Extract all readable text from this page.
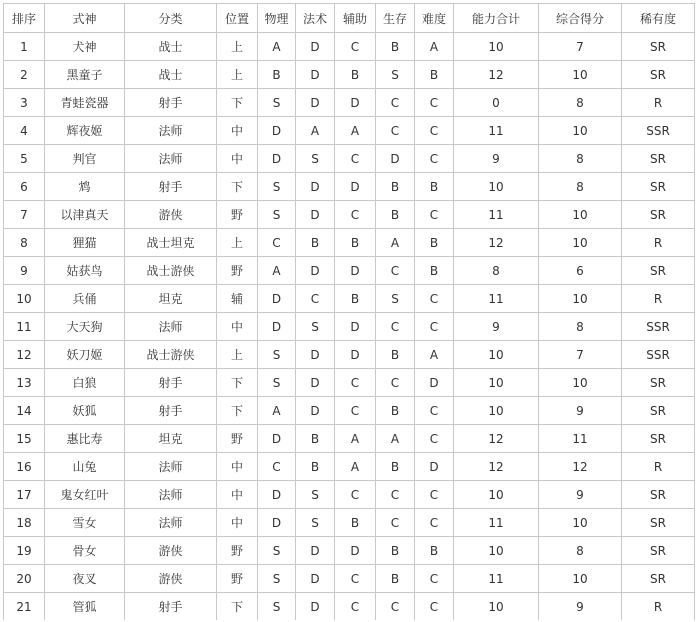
排序	式神	分类	位置	物理	法术	辅助	生存	难度	能力合计	综合得分	稀有度
1	犬神	战士	上	A	D	C	B	A	10	7	SR
2	黑童子	战士	上	B	D	B	S	B	12	10	SR
3	青蛙瓷器	射手	下	S	D	D	C	C	0	8	R
4	辉夜姬	法师	中	D	A	A	C	C	11	10	SSR
5	判官	法师	中	D	S	C	D	C	9	8	SR
6	鸩	射手	下	S	D	D	B	B	10	8	SR
7	以津真天	游侠	野	S	D	C	B	C	11	10	SR
8	狸猫	战士坦克	上	C	B	B	A	B	12	10	R
9	姑获鸟	战士游侠	野	A	D	D	C	B	8	6	SR
10	兵俑	坦克	辅	D	C	B	S	C	11	10	R
11	大天狗	法师	中	D	S	D	C	C	9	8	SSR
12	妖刀姬	战士游侠	上	S	D	D	B	A	10	7	SSR
13	白狼	射手	下	S	D	C	C	D	10	10	SR
14	妖狐	射手	下	A	D	C	B	C	10	9	SR
15	惠比寿	坦克	野	D	B	A	A	C	12	11	SR
16	山兔	法师	中	C	B	A	B	D	12	12	R
17	鬼女红叶	法师	中	D	S	C	C	C	10	9	SR
18	雪女	法师	中	D	S	B	C	C	11	10	SR
19	骨女	游侠	野	S	D	D	B	B	10	8	SR
20	夜叉	游侠	野	S	D	C	B	C	11	10	SR
21	管狐	射手	下	S	D	C	C	C	10	9	R
